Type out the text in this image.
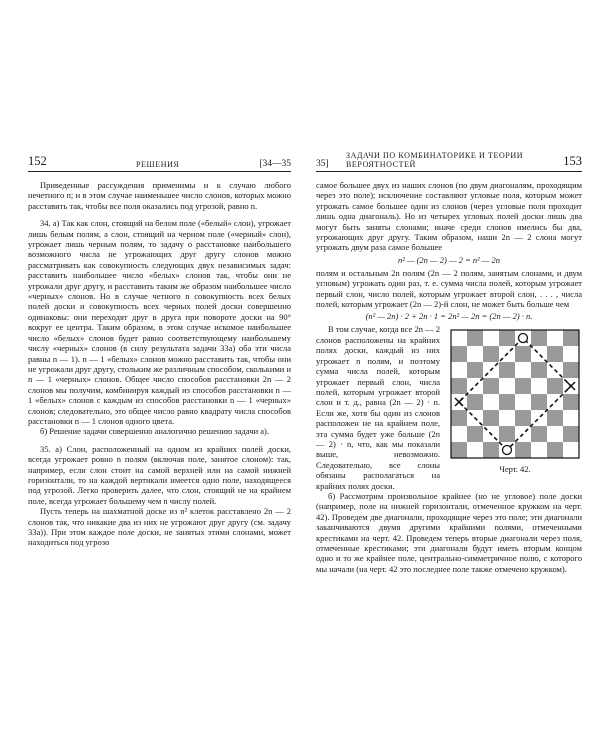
152	РЕШЕНИЯ	[34—35

Приведенные рассуждения применимы и к случаю любого нечетного n; и в этом случае наименьшее число слонов, которых можно расставить так, чтобы все поля оказались под угрозой, равно n.

34. а) Так как слон, стоящий на белом поле («белый» слон), угрожает лишь белым полям, а слон, стоящий на черном поле («черный» слон), угрожает лишь черным полям, то задачу о расстановке наибольшего возможного числа не угрожающих друг другу слонов можно рассматривать как совокупность следующих двух независимых задач: расставить наибольшее число «белых» слонов так, чтобы они не угрожали друг другу, и расставить таким же образом наибольшее число «черных» слонов. Но в случае четного n совокупность всех белых полей доски и совокупность всех черных полей доски совершенно одинаковы: они переходят друг в друга при повороте доски на 90° вокруг ее центра. Таким образом, в этом случае искомое наибольшее число «белых» слонов будет равно соответствующему наибольшему числу «черных» слонов (в силу результата задачи 33а) оба эти числа равны n — 1). n — 1 «белых» слонов можно расставить так, чтобы они не угрожали друг другу, стольким же различным способом, сколькими и n — 1 «черных» слонов. Общее число способов расстановки 2n — 2 слонов мы получим, комбинируя каждый из способов расстановки n — 1 «белых» слонов с каждым из способов расстановки n — 1 «черных» слонов; следовательно, это общее число равно квадрату числа способов расстановки n — 1 слонов одного цвета.

б) Решение задачи совершенно аналогично решению задачи а).

35. а) Слон, расположенный на одном из крайних полей доски, всегда угрожает ровно n полям (включая поле, занятое слоном): так, например, если слон стоит на самой верхней или на самой нижней горизонтали, то на каждой вертикали имеется одно поле, находящееся под угрозой. Легко проверить далее, что слон, стоящий не на крайнем поле, всегда угрожает большему чем n числу полей.

Пусть теперь на шахматной доске из n² клеток расставлено 2n — 2 слонов так, что никакие два из них не угрожают друг другу (см. задачу 33а)). При этом каждое поле доски, не занятых этими слонами, может находиться под угрозо

35]
ЗАДАЧИ ПО КОМБИНАТОРИКЕ И ТЕОРИИ ВЕРОЯТНОСТЕЙ	153

самое большее двух из наших слонов (по двум диагоналям, проходящим через это поле); исключение составляют угловые поля, которым может угрожать самое большее один из слонов (через угловые поля проходит лишь одна диагональ). Но из четырех угловых полей доски лишь два могут быть заняты слонами; иначе среди слонов имелись бы два, угрожающих друг другу. Таким образом, наши 2n — 2 слона могут угрожать двум раза самое большее

n² — (2n — 2) — 2 = n² — 2n

полям и остальным 2n полям (2n — 2 полям, занятым слонами, и двум угловым) угрожать один раз, т. е. сумма числа полей, которым угрожает первый слон, число полей, которым угрожает второй слон, . . . , числа полей, которым угрожает (2n — 2)-й слон, не может быть больше чем

(n² — 2n) · 2 + 2n · 1 = 2n² — 2n = (2n — 2) · n.
Черт. 42.

В том случае, когда все 2n — 2 слонов расположены на крайних полях доски, каждый из них угрожает n полям, и поэтому сумма числа полей, которым угрожает первый слон, числа полей, которым угрожает второй слон и т. д., равна (2n — 2) · n. Если же, хотя бы один из слонов расположен не на крайнем поле, эта сумма будет уже больше (2n — 2) · n, что, как мы показали выше, невозможно. Следовательно, все слоны обязаны располагаться на крайних полях доски.

б) Рассмотрим произвольное крайнее (но не угловое) поле доски (например, поле на нижней горизонтали, отмеченное кружком на черт. 42). Проведем две диагонали, проходящие через это поле; эти диагонали заканчиваются двумя другими крайними полями, отмеченными крестиками на черт. 42. Проведем теперь вторые диагонали через поля, отмеченные крестиками; эти диагонали будут иметь вторым концом одно и то же крайнее поле, центрально-симметричное полю, с которого мы начали (на черт. 42 это последнее поле также отмечено кружком).
